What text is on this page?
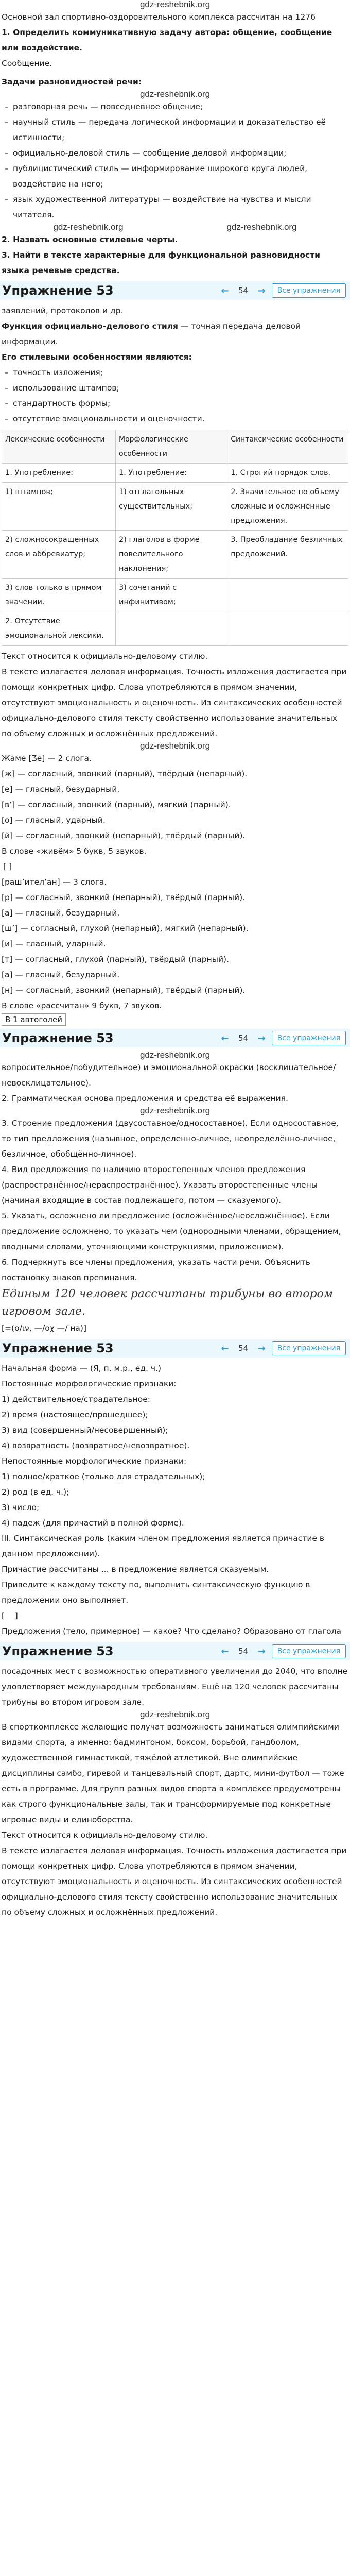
gdz-reshebnik.org
Основной зал спортивно-оздоровительного комплекса рассчитан на 1276
1. Определить коммуникативную задачу автора: общение, сообщение или воздействие.
Сообщение.
Задачи разновидностей речи:
gdz-reshebnik.org
– разговорная речь — повседневное общение;
– научный стиль — передача логической информации и доказательство её истинности;
– официально-деловой стиль — сообщение деловой информации;
– публицистический стиль — информирование широкого круга людей, воздействие на него;
– язык художественной литературы — воздействие на чувства и мысли читателя.
gdz-reshebnik.org	gdz-reshebnik.org
2. Назвать основные стилевые черты.
3. Найти в тексте характерные для функциональной разновидности языка речевые средства.
Упражнение 53	←	54	→	Все упражнения
заявлений, протоколов и др.
Функция официально-делового стиля — точная передача деловой информации.
Его стилевыми особенностями являются:
– точность изложения;
– использование штампов;
– стандартность формы;
– отсутствие эмоциональности и оценочности.
Лексические особенности	Морфологические особенности	Синтаксические особенности
1. Употребление:	1. Употребление:	1. Строгий порядок слов.
1) штампов;	1) отглагольных существительных;	2. Значительное по объему сложные и осложненные предложения.
2) сложносокращенных слов и аббревиатур;	2) глаголов в форме повелительного наклонения;	3. Преобладание безличных предложений.
3) слов только в прямом значении.	3) сочетаний с инфинитивом;	
2. Отсутствие эмоциональной лексики.		
Текст относится к официально-деловому стилю.
В тексте излагается деловая информация. Точность изложения достигается при помощи конкретных цифр. Слова употребляются в прямом значении, отсутствуют эмоциональность и оценочность. Из синтаксических особенностей официально-делового стиля тексту свойственно использование значительных по объему сложных и осложнённых предложений.
gdz-reshebnik.org
Жаме [Ʒe] — 2 слога.
[ж] — согласный, звонкий (парный), твёрдый (непарный).
[е] — гласный, безударный.
[в’] — согласный, звонкий (парный), мягкий (парный).
[о] — гласный, ударный.
[й] — согласный, звонкий (непарный), твёрдый (парный).
В слове «живём» 5 букв, 5 звуков.
[ ]
[раш’ител’ан] — 3 слога.
[р] — согласный, звонкий (непарный), твёрдый (парный).
[а] — гласный, безударный.
[ш’] — согласный, глухой (непарный), мягкий (непарный).
[и] — гласный, ударный.
[т] — согласный, глухой (парный), твёрдый (парный).
[а] — гласный, безударный.
[н] — согласный, звонкий (непарный), твёрдый (парный).
В слове «рассчитан» 9 букв, 7 звуков.
В 1 автоголей
Упражнение 53	←	54	→	Все упражнения
gdz-reshebnik.org
вопросительное/побудительное) и эмоциональной окраски (восклицательное/невосклицательное).
2. Грамматическая основа предложения и средства её выражения.
gdz-reshebnik.org
3. Строение предложения (двусоставное/односоставное). Если односоставное, то тип предложения (назывное, определенно-личное, неопределённо-личное, безличное, обобщённо-личное).
4. Вид предложения по наличию второстепенных членов предложения (распространённое/нераспространённое). Указать второстепенные члены (начиная входящие в состав подлежащего, потом — сказуемого).
5. Указать, осложнено ли предложение (осложнённое/неосложнённое). Если предложение осложнено, то указать чем (однородными членами, обращением, вводными словами, уточняющими конструкциями, приложением).
6. Подчеркнуть все члены предложения, указать части речи. Объяснить постановку знаков препинания.
Единым 120 человек рассчитаны трибуны во втором игровом зале.
[=(ο/ιν, —/оχ —/ на)]
Упражнение 53	←	54	→	Все упражнения
Начальная форма — (Я, п, м.р., ед. ч.)
Постоянные морфологические признаки:
1) действительное/страдательное:
2) время (настоящее/прошедшее);
3) вид (совершенный/несовершенный);
4) возвратность (возвратное/невозвратное).
Непостоянные морфологические признаки:
1) полное/краткое (только для страдательных);
2) род (в ед. ч.);
3) число;
4) падеж (для причастий в полной форме).
III. Синтаксическая роль (каким членом предложения является причастие в данном предложении).
Причастие рассчитаны ... в предложение является сказуемым.
Приведите к каждому тексту по, выполнить синтаксическую функцию в предложении оно выполняет.
[    ]
Предложения (тело, примерное) — какое? Что сделано? Образовано от глагола
Упражнение 53	←	54	→	Все упражнения
посадочных мест с возможностью оперативного увеличения до 2040, что вполне удовлетворяет международным требованиям. Ещё на 120 человек рассчитаны трибуны во втором игровом зале.
gdz-reshebnik.org
В спорткомплексе желающие получат возможность заниматься олимпийскими видами спорта, а именно: бадминтоном, боксом, борьбой, гандболом, художественной гимнастикой, тяжёлой атлетикой. Вне олимпийские дисциплины самбо, гиревой и танцевальный спорт, дартс, мини-футбол — тоже есть в программе. Для групп разных видов спорта в комплексе предусмотрены как строго функциональные залы, так и трансформируемые под конкретные игровые виды и единоборства.
Текст относится к официально-деловому стилю.
В тексте излагается деловая информация. Точность изложения достигается при помощи конкретных цифр. Слова употребляются в прямом значении, отсутствуют эмоциональность и оценочность. Из синтаксических особенностей официально-делового стиля тексту свойственно использование значительных по объему сложных и осложнённых предложений.
